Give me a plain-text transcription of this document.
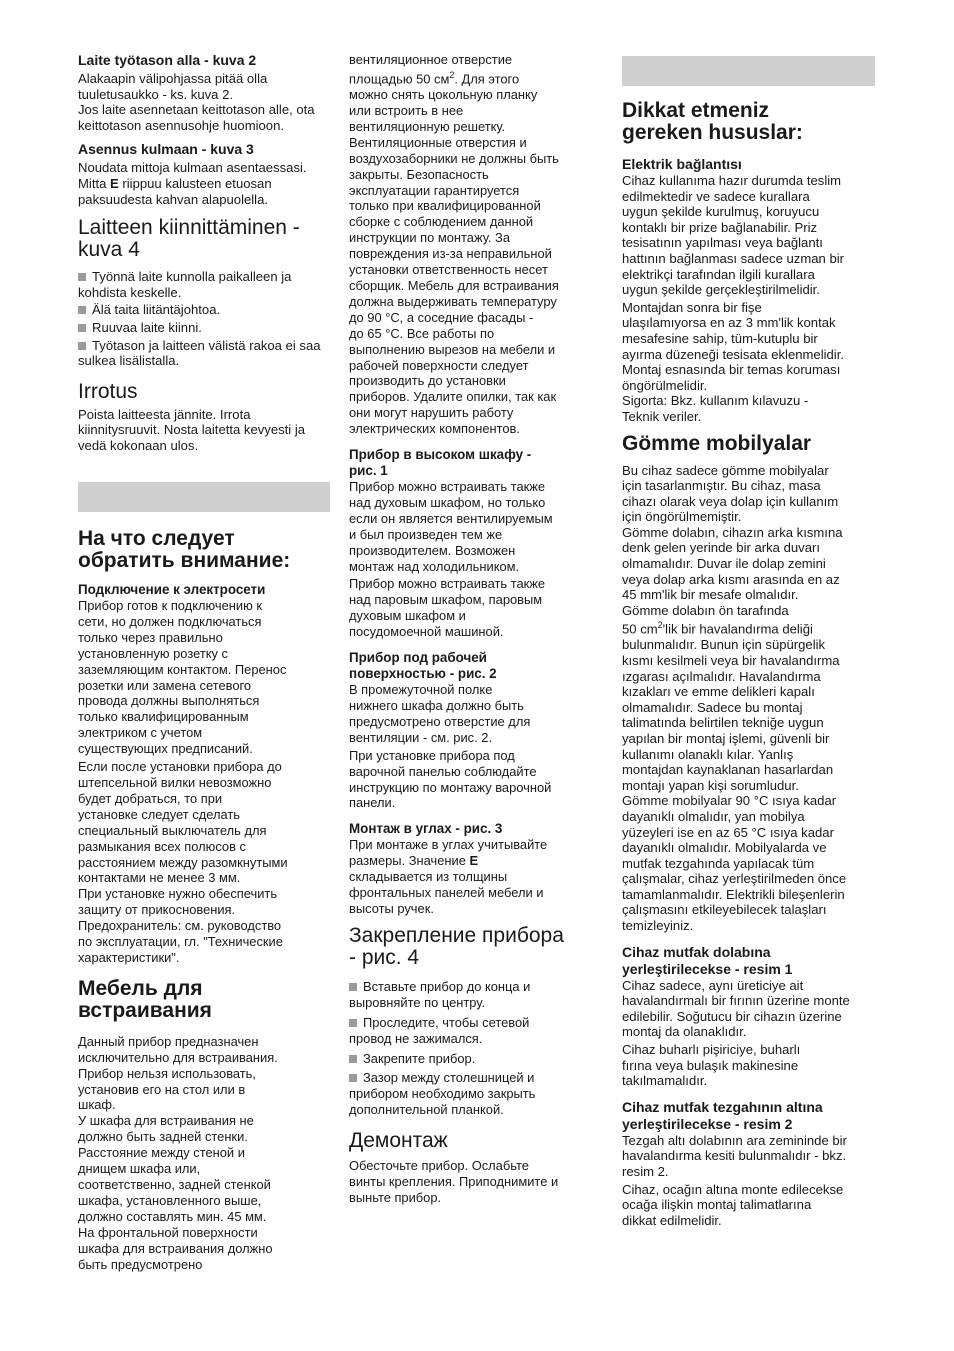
Laite työtason alla - kuva 2

Alakaapin välipohjassa pitää olla
tuuletusaukko - ks. kuva 2.
Jos laite asennetaan keittotason alle, ota
keittotason asennusohje huomioon.

Asennus kulmaan - kuva 3

Noudata mittoja kulmaan asentaessasi.
Mitta E riippuu kalusteen etuosan
paksuudesta kahvan alapuolella.

Laitteen kiinnittäminen -
kuva 4

Työnnä laite kunnolla paikalleen ja
kohdista keskelle.

Älä taita liitäntäjohtoa.

Ruuvaa laite kiinni.

Työtason ja laitteen välistä rakoa ei saa
sulkea lisälistalla.

Irrotus

Poista laitteesta jännite. Irrota
kiinnitysruuvit. Nosta laitetta kevyesti ja
vedä kokonaan ulos.

На что следует
обратить внимание:

Подключение к электросети

Прибор готов к подключению к
сети, но должен подключаться
только через правильно
установленную розетку с
заземляющим контактом. Перенос
розетки или замена сетевого
провода должны выполняться
только квалифицированным
электриком с учетом
существующих предписаний.

Если после установки прибора до
штепсельной вилки невозможно
будет добраться, то при
установке следует сделать
специальный выключатель для
размыкания всех полюсов с
расстоянием между разомкнутыми
контактами не менее 3 мм.
При установке нужно обеспечить
защиту от прикосновения.
Предохранитель: см. руководство
по эксплуатации, гл. "Технические
характеристики".

Мебель для
встраивания

Данный прибор предназначен
исключительно для встраивания.
Прибор нельзя использовать,
установив его на стол или в
шкаф.
У шкафа для встраивания не
должно быть задней стенки.
Расстояние между стеной и
днищем шкафа или,
соответственно, задней стенкой
шкафа, установленного выше,
должно составлять мин. 45 мм.
На фронтальной поверхности
шкафа для встраивания должно
быть предусмотрено

вентиляционное отверстие
площадью 50 $см^2$. Для этого
можно снять цокольную планку
или встроить в нее
вентиляционную решетку.
Вентиляционные отверстия и
воздухозаборники не должны быть
закрыты. Безопасность
эксплуатации гарантируется
только при квалифицированной
сборке с соблюдением данной
инструкции по монтажу. За
повреждения из-за неправильной
установки ответственность несет
сборщик. Мебель для встраивания
должна выдерживать температуру
до 90 °C, а соседние фасады -
до 65 °C. Все работы по
выполнению вырезов на мебели и
рабочей поверхности следует
производить до установки
приборов. Удалите опилки, так как
они могут нарушить работу
электрических компонентов.

Прибор в высоком шкафу -
рис. 1

Прибор можно встраивать также
над духовым шкафом, но только
если он является вентилируемым
и был произведен тем же
производителем. Возможен
монтаж над холодильником.

Прибор можно встраивать также
над паровым шкафом, паровым
духовым шкафом и
посудомоечной машиной.

Прибор под рабочей
поверхностью - рис. 2

В промежуточной полке
нижнего шкафа должно быть
предусмотрено отверстие для
вентиляции - см. рис. 2.

При установке прибора под
варочной панелью соблюдайте
инструкцию по монтажу варочной
панели.

Монтаж в углах - рис. 3

При монтаже в углах учитывайте
размеры. Значение E
складывается из толщины
фронтальных панелей мебели и
высоты ручек.

Закрепление прибора
- рис. 4

Вставьте прибор до конца и
выровняйте по центру.

Проследите, чтобы сетевой
провод не зажимался.

Закрепите прибор.

Зазор между столешницей и
прибором необходимо закрыть
дополнительной планкой.

Демонтаж

Обесточьте прибор. Ослабьте
винты крепления. Приподнимите и
выньте прибор.

Dikkat etmeniz
gereken hususlar:

Elektrik bağlantısı

Cihaz kullanıma hazır durumda teslim
edilmektedir ve sadece kurallara
uygun şekilde kurulmuş, koruyucu
kontaklı bir prize bağlanabilir. Priz
tesisatının yapılması veya bağlantı
hattının bağlanması sadece uzman bir
elektrikçi tarafından ilgili kurallara
uygun şekilde gerçekleştirilmelidir.

Montajdan sonra bir fişe
ulaşılamıyorsa en az 3 mm'lik kontak
mesafesine sahip, tüm-kutuplu bir
ayırma düzeneği tesisata eklenmelidir.
Montaj esnasında bir temas koruması
öngörülmelidir.
Sigorta: Bkz. kullanım kılavuzu -
Teknik veriler.

Gömme mobilyalar

Bu cihaz sadece gömme mobilyalar
için tasarlanmıştır. Bu cihaz, masa
cihazı olarak veya dolap için kullanım
için öngörülmemiştir.
Gömme dolabın, cihazın arka kısmına
denk gelen yerinde bir arka duvarı
olmamalıdır. Duvar ile dolap zemini
veya dolap arka kısmı arasında en az
45 mm'lik bir mesafe olmalıdır.
Gömme dolabın ön tarafında
50 $cm^2'lik$ bir havalandırma deliği
bulunmalıdır. Bunun için süpürgelik
kısmı kesilmeli veya bir havalandırma
ızgarası açılmalıdır. Havalandırma
kızakları ve emme delikleri kapalı
olmamalıdır. Sadece bu montaj
talimatında belirtilen tekniğe uygun
yapılan bir montaj işlemi, güvenli bir
kullanımı olanaklı kılar. Yanlış
montajdan kaynaklanan hasarlardan
montajı yapan kişi sorumludur.
Gömme mobilyalar 90 °C ısıya kadar
dayanıklı olmalıdır, yan mobilya
yüzeyleri ise en az 65 °C ısıya kadar
dayanıklı olmalıdır. Mobilyalarda ve
mutfak tezgahında yapılacak tüm
çalışmalar, cihaz yerleştirilmeden önce
tamamlanmalıdır. Elektrikli bileşenlerin
çalışmasını etkileyebilecek talaşları
temizleyiniz.

Cihaz mutfak dolabına
yerleştirilecekse - resim 1

Cihaz sadece, aynı üreticiye ait
havalandırmalı bir fırının üzerine monte
edilebilir. Soğutucu bir cihazın üzerine
montaj da olanaklıdır.

Cihaz buharlı pişiriciye, buharlı
fırına veya bulaşık makinesine
takılmamalıdır.

Cihaz mutfak tezgahının altına
yerleştirilecekse - resim 2

Tezgah altı dolabının ara zemininde bir
havalandırma kesiti bulunmalıdır - bkz.
resim 2.

Cihaz, ocağın altına monte edilecekse
ocağa ilişkin montaj talimatlarına
dikkat edilmelidir.
